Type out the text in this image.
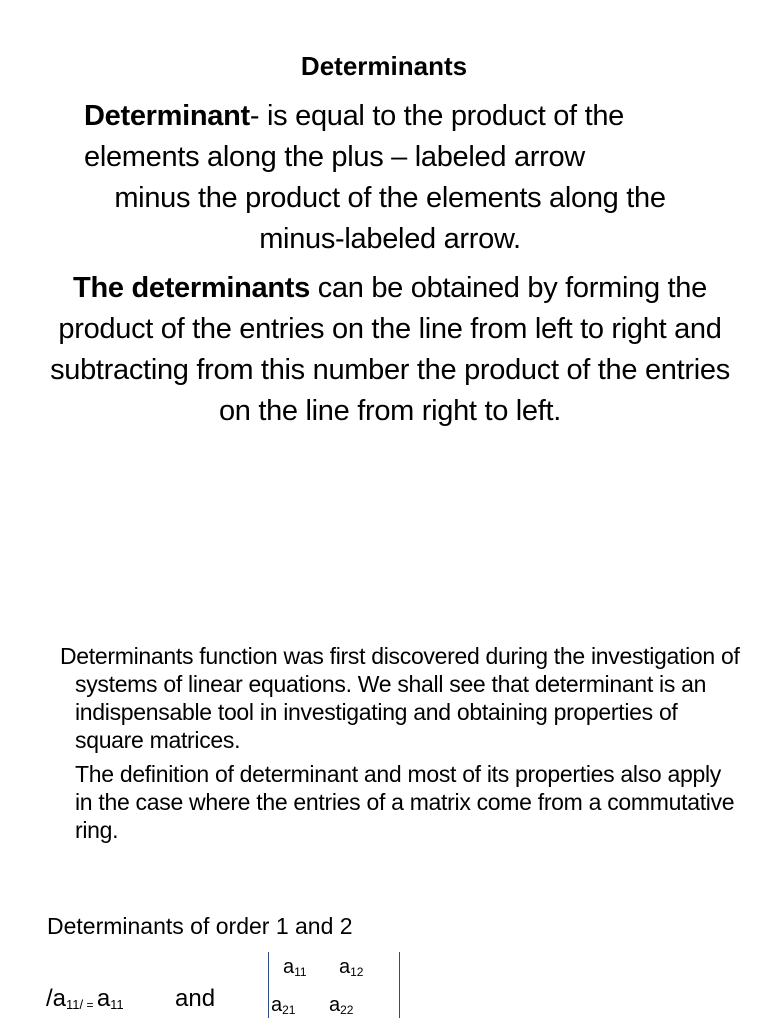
Determinants
Determinant- is equal to the product of the
elements along the plus – labeled arrow
minus the product of the elements along the
minus-labeled arrow.
The determinants can be obtained by forming the product of the entries on the line from left to right and subtracting from this number the product of the entries on the line from right to left.

Determinants function was first discovered during the investigation of systems of linear equations. We shall see that determinant is an indispensable tool in investigating and obtaining properties of square matrices.

The definition of determinant and most of its properties also apply in the case where the entries of a matrix come from a commutative ring.

Determinants of order 1 and 2
$/a_{11/} = a_{11}$ and
$a_{11}$ $a_{12}$
$a_{21}$ $a_{22}$
